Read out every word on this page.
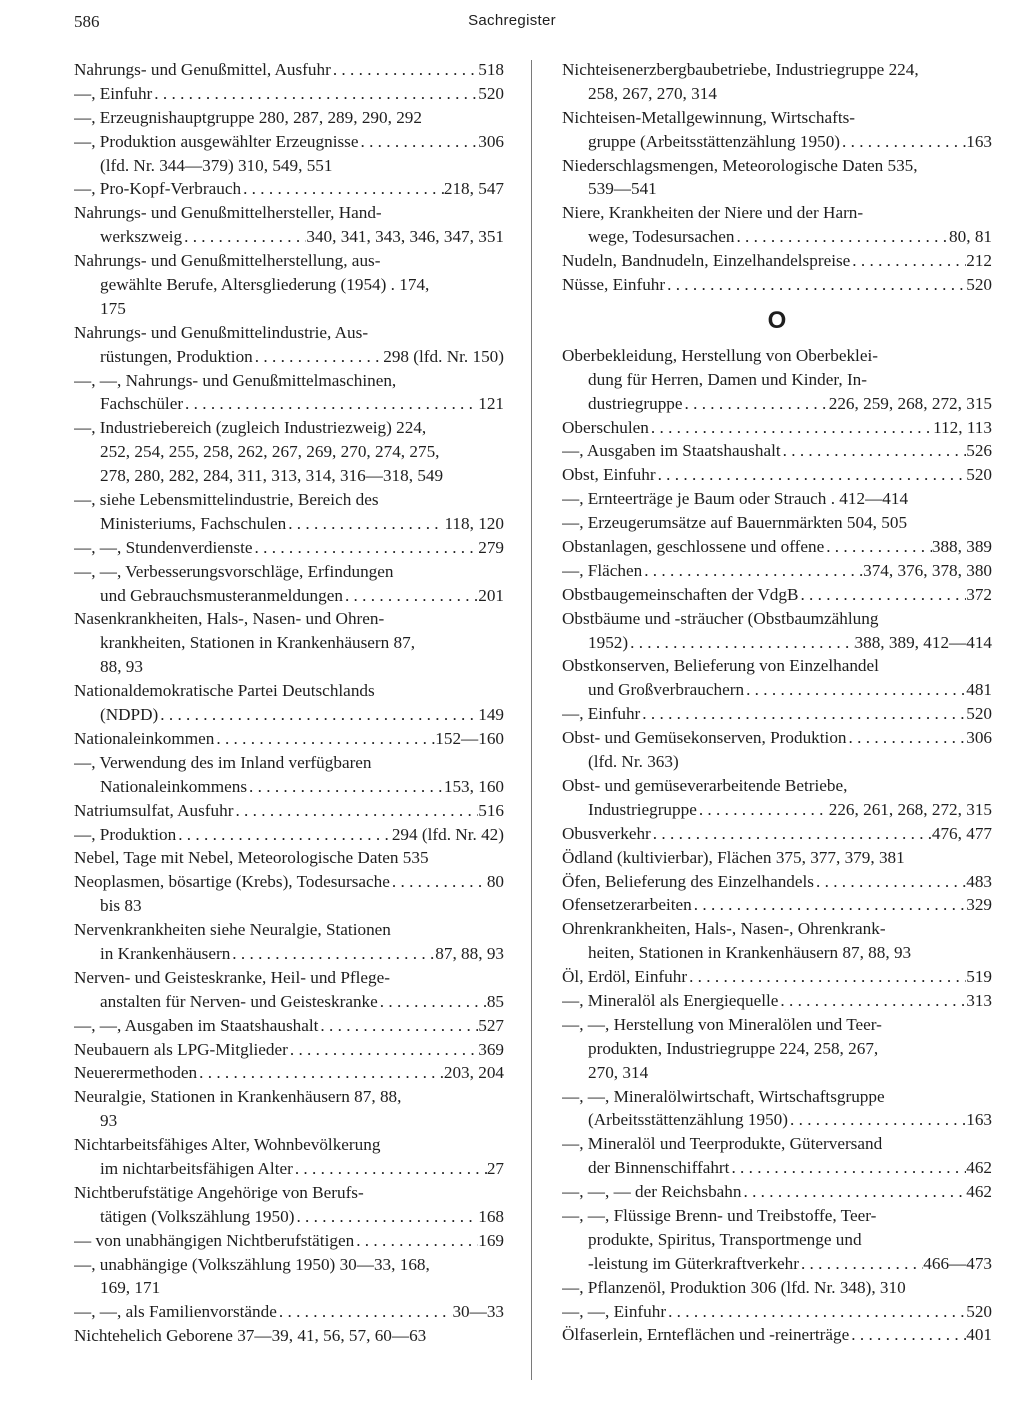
586	Sachregister
Nahrungs- und Genußmittel, Ausfuhr . . .	518
—, Einfuhr . . .	520
—, Erzeugnishauptgruppe 280, 287, 289, 290, 292
—, Produktion ausgewählter Erzeugnisse . . .	306
(lfd. Nr. 344—379) 310, 549, 551
—, Pro-Kopf-Verbrauch . . .	218, 547
Nahrungs- und Genußmittelhersteller, Hand-
werkszweig . . .	340, 341, 343, 346, 347, 351
Nahrungs- und Genußmittelherstellung, aus-
gewählte Berufe, Altersgliederung (1954) . 174,
175
Nahrungs- und Genußmittelindustrie, Aus-
rüstungen, Produktion . . .	298 (lfd. Nr. 150)
—, —, Nahrungs- und Genußmittelmaschinen,
Fachschüler . . .	121
—, Industriebereich (zugleich Industriezweig) 224,
252, 254, 255, 258, 262, 267, 269, 270, 274, 275,
278, 280, 282, 284, 311, 313, 314, 316—318, 549
—, siehe Lebensmittelindustrie, Bereich des
Ministeriums, Fachschulen . . .	118, 120
—, —, Stundenverdienste . . .	279
—, —, Verbesserungsvorschläge, Erfindungen
und Gebrauchsmusteranmeldungen . . .	201
Nasenkrankheiten, Hals-, Nasen- und Ohren-
krankheiten, Stationen in Krankenhäusern 87,
88, 93
Nationaldemokratische Partei Deutschlands
(NDPD) . . .	149
Nationaleinkommen . . .	152—160
—, Verwendung des im Inland verfügbaren
Nationaleinkommens . . .	153, 160
Natriumsulfat, Ausfuhr . . .	516
—, Produktion . . .	294 (lfd. Nr. 42)
Nebel, Tage mit Nebel, Meteorologische Daten 535
Neoplasmen, bösartige (Krebs), Todesursache . . .	80
bis 83
Nervenkrankheiten siehe Neuralgie, Stationen
in Krankenhäusern . . .	87, 88, 93
Nerven- und Geisteskranke, Heil- und Pflege-
anstalten für Nerven- und Geisteskranke . . .	85
—, —, Ausgaben im Staatshaushalt . . .	527
Neubauern als LPG-Mitglieder . . .	369
Neuerermethoden . . .	203, 204
Neuralgie, Stationen in Krankenhäusern 87, 88,
93
Nichtarbeitsfähiges Alter, Wohnbevölkerung
im nichtarbeitsfähigen Alter . . .	27
Nichtberufstätige Angehörige von Berufs-
tätigen (Volkszählung 1950) . . .	168
— von unabhängigen Nichtberufstätigen . . .	169
—, unabhängige (Volkszählung 1950) 30—33, 168,
169, 171
—, —, als Familienvorstände . . .	30—33
Nichtehelich Geborene 37—39, 41, 56, 57, 60—63
Nichteisenerzbergbaubetriebe, Industriegruppe 224,
258, 267, 270, 314
Nichteisen-Metallgewinnung, Wirtschafts-
gruppe (Arbeitsstättenzählung 1950) . . .	163
Niederschlagsmengen, Meteorologische Daten 535,
539—541
Niere, Krankheiten der Niere und der Harn-
wege, Todesursachen . . .	80, 81
Nudeln, Bandnudeln, Einzelhandelspreise . . .	212
Nüsse, Einfuhr . . .	520
O
Oberbekleidung, Herstellung von Oberbeklei-
dung für Herren, Damen und Kinder, In-
dustriegruppe . . .	226, 259, 268, 272, 315
Oberschulen . . .	112, 113
—, Ausgaben im Staatshaushalt . . .	526
Obst, Einfuhr . . .	520
—, Ernteerträge je Baum oder Strauch . 412—414
—, Erzeugerumsätze auf Bauernmärkten 504, 505
Obstanlagen, geschlossene und offene . . .	388, 389
—, Flächen . . .	374, 376, 378, 380
Obstbaugemeinschaften der VdgB . . .	372
Obstbäume und -sträucher (Obstbaumzählung
1952) . . .	388, 389, 412—414
Obstkonserven, Belieferung von Einzelhandel
und Großverbrauchern . . .	481
—, Einfuhr . . .	520
Obst- und Gemüsekonserven, Produktion . . .	306
(lfd. Nr. 363)
Obst- und gemüseverarbeitende Betriebe,
Industriegruppe . . .	226, 261, 268, 272, 315
Obusverkehr . . .	476, 477
Ödland (kultivierbar), Flächen 375, 377, 379, 381
Öfen, Belieferung des Einzelhandels . . .	483
Ofensetzerarbeiten . . .	329
Ohrenkrankheiten, Hals-, Nasen-, Ohrenkrank-
heiten, Stationen in Krankenhäusern 87, 88, 93
Öl, Erdöl, Einfuhr . . .	519
—, Mineralöl als Energiequelle . . .	313
—, —, Herstellung von Mineralölen und Teer-
produkten, Industriegruppe 224, 258, 267,
270, 314
—, —, Mineralölwirtschaft, Wirtschaftsgruppe
(Arbeitsstättenzählung 1950) . . .	163
—, Mineralöl und Teerprodukte, Güterversand
der Binnenschiffahrt . . .	462
—, —, — der Reichsbahn . . .	462
—, —, Flüssige Brenn- und Treibstoffe, Teer-
produkte, Spiritus, Transportmenge und
-leistung im Güterkraftverkehr . . .	466—473
—, Pflanzenöl, Produktion 306 (lfd. Nr. 348), 310
—, —, Einfuhr . . .	520
Ölfaserlein, Ernteflächen und -reinerträge . . .	401
